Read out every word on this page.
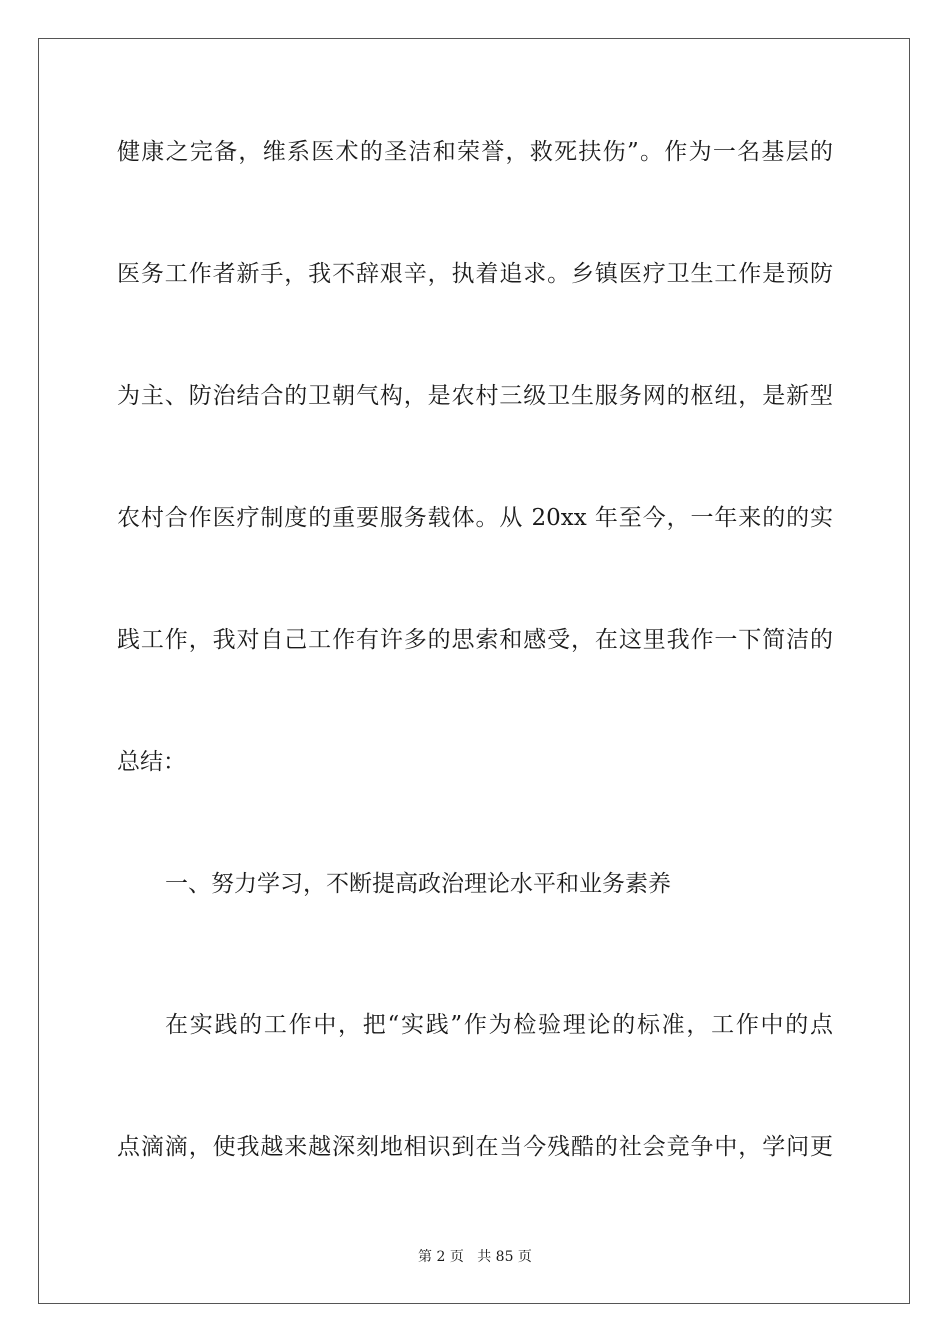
健康之完备，维系医术的圣洁和荣誉，救死扶伤”。作为一名基层的
医务工作者新手，我不辞艰辛，执着追求。乡镇医疗卫生工作是预防
为主、防治结合的卫朝气构，是农村三级卫生服务网的枢纽，是新型
农村合作医疗制度的重要服务载体。从 20xx 年至今，一年来的的实
践工作，我对自己工作有许多的思索和感受，在这里我作一下简洁的
总结：
一、努力学习，不断提高政治理论水平和业务素养
在实践的工作中，把“实践”作为检验理论的标准，工作中的点
点滴滴，使我越来越深刻地相识到在当今残酷的社会竞争中，学问更
第 2 页 共 85 页
